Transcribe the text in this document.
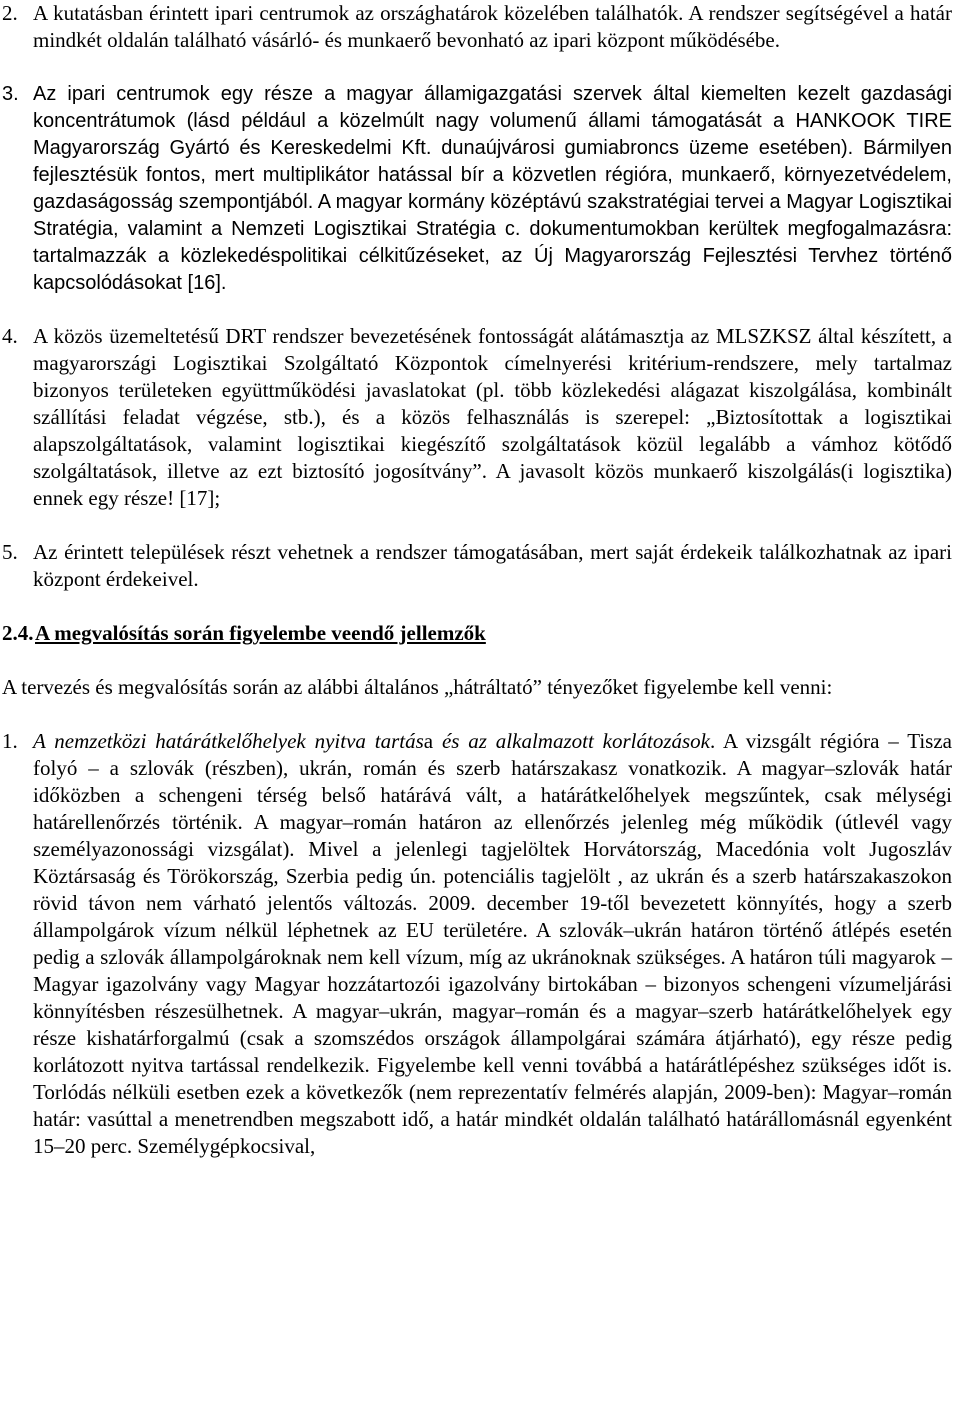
2. A kutatásban érintett ipari centrumok az országhatárok közelében találhatók. A rendszer segítségével a határ mindkét oldalán található vásárló- és munkaerő bevonható az ipari központ működésébe.
3. Az ipari centrumok egy része a magyar államigazgatási szervek által kiemelten kezelt gazdasági koncentrátumok (lásd például a közelmúlt nagy volumenű állami támogatását a HANKOOK TIRE Magyarország Gyártó és Kereskedelmi Kft. dunaújvárosi gumiabroncs üzeme esetében). Bármilyen fejlesztésük fontos, mert multiplikátor hatással bír a közvetlen régióra, munkaerő, környezetvédelem, gazdaságosság szempontjából. A magyar kormány középtávú szakstratégiai tervei a Magyar Logisztikai Stratégia, valamint a Nemzeti Logisztikai Stratégia c. dokumentumokban kerültek megfogalmazásra: tartalmazzák a közlekedéspolitikai célkitűzéseket, az Új Magyarország Fejlesztési Tervhez történő kapcsolódásokat [16].
4. A közös üzemeltetésű DRT rendszer bevezetésének fontosságát alátámasztja az MLSZKSZ által készített, a magyarországi Logisztikai Szolgáltató Központok címelnyerési kritérium-rendszere, mely tartalmaz bizonyos területeken együttműködési javaslatokat (pl. több közlekedési alágazat kiszolgálása, kombinált szállítási feladat végzése, stb.), és a közös felhasználás is szerepel: „Biztosítottak a logisztikai alapszolgáltatások, valamint logisztikai kiegészítő szolgáltatások közül legalább a vámhoz kötődő szolgáltatások, illetve az ezt biztosító jogosítvány”. A javasolt közös munkaerő kiszolgálás(i logisztika) ennek egy része! [17];
5. Az érintett települések részt vehetnek a rendszer támogatásában, mert saját érdekeik találkozhatnak az ipari központ érdekeivel.
2.4.A megvalósítás során figyelembe veendő jellemzők
A tervezés és megvalósítás során az alábbi általános „hátráltató” tényezőket figyelembe kell venni:
1. A nemzetközi határátkelőhelyek nyitva tartása és az alkalmazott korlátozások. A vizsgált régióra – Tisza folyó – a szlovák (részben), ukrán, román és szerb határszakasz vonatkozik. A magyar–szlovák határ időközben a schengeni térség belső határává vált, a határátkelőhelyek megszűntek, csak mélységi határellenőrzés történik. A magyar–román határon az ellenőrzés jelenleg még működik (útlevél vagy személyazonossági vizsgálat). Mivel a jelenlegi tagjelöltek Horvátország, Macedónia volt Jugoszláv Köztársaság és Törökország, Szerbia pedig ún. potenciális tagjelölt , az ukrán és a szerb határszakaszokon rövid távon nem várható jelentős változás. 2009. december 19-től bevezetett könnyítés, hogy a szerb állampolgárok vízum nélkül léphetnek az EU területére. A szlovák–ukrán határon történő átlépés esetén pedig a szlovák állampolgároknak nem kell vízum, míg az ukránoknak szükséges. A határon túli magyarok – Magyar igazolvány vagy Magyar hozzátartozói igazolvány birtokában – bizonyos schengeni vízumeljárási könnyítésben részesülhetnek. A magyar–ukrán, magyar–román és a magyar–szerb határátkelőhelyek egy része kishatárforgalmú (csak a szomszédos országok állampolgárai számára átjárható), egy része pedig korlátozott nyitva tartással rendelkezik. Figyelembe kell venni továbbá a határátlépéshez szükséges időt is. Torlódás nélküli esetben ezek a következők (nem reprezentatív felmérés alapján, 2009-ben): Magyar–román határ: vasúttal a menetrendben megszabott idő, a határ mindkét oldalán található határállomásnál egyenként 15–20 perc. Személygépkocsival,
